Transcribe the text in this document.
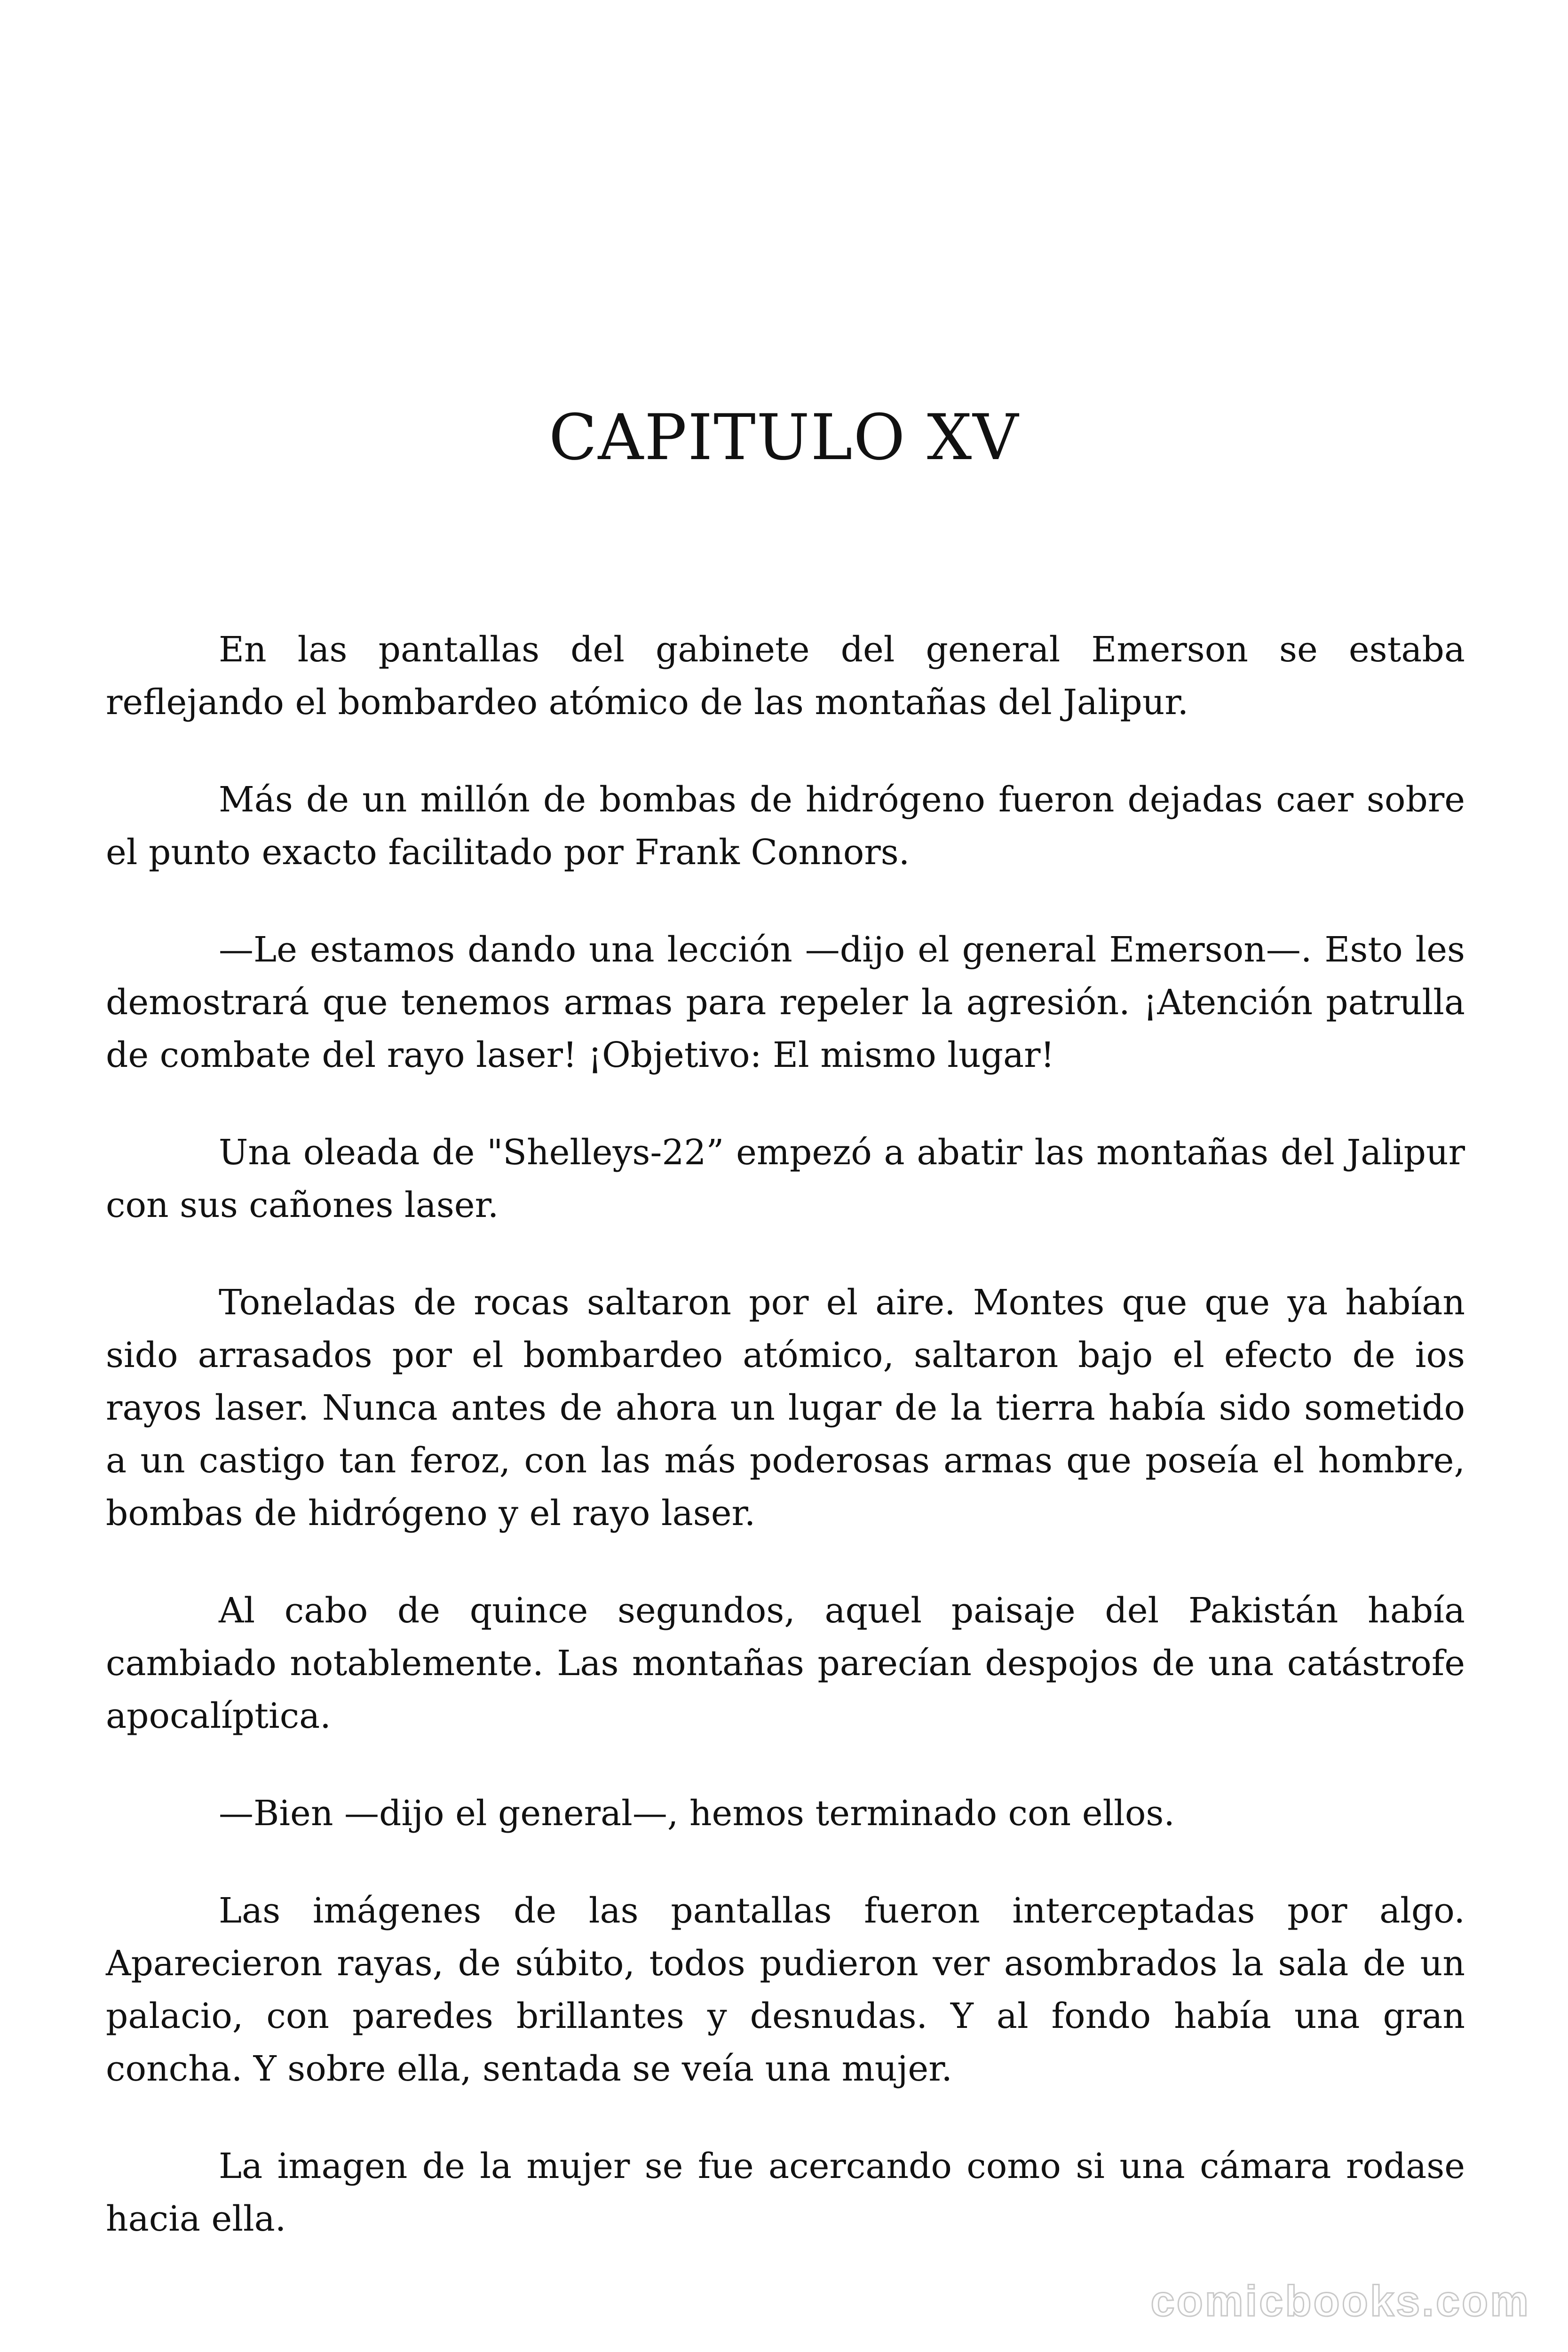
CAPITULO XV

En las pantallas del gabinete del general Emerson se estaba reflejando el bombardeo atómico de las montañas del Jalipur.

Más de un millón de bombas de hidrógeno fueron dejadas caer sobre el punto exacto facilitado por Frank Connors.

—Le estamos dando una lección —dijo el general Emerson—. Esto les demostrará que tenemos armas para repeler la agresión. ¡Atención patrulla de combate del rayo laser! ¡Objetivo: El mismo lugar!

Una oleada de "Shelleys-22” empezó a abatir las montañas del Jalipur con sus cañones laser.

Toneladas de rocas saltaron por el aire. Montes que que ya habían sido arrasados por el bombardeo atómico, saltaron bajo el efecto de ios rayos laser. Nunca antes de ahora un lugar de la tierra había sido sometido a un castigo tan feroz, con las más poderosas armas que poseía el hombre, bombas de hidrógeno y el rayo laser.

Al cabo de quince segundos, aquel paisaje del Pakistán había cambiado notablemente. Las montañas parecían despojos de una catástrofe apocalíptica.

—Bien —dijo el general—, hemos terminado con ellos.

Las imágenes de las pantallas fueron interceptadas por algo. Aparecieron rayas, de súbito, todos pudieron ver asombrados la sala de un palacio, con paredes brillantes y desnudas. Y al fondo había una gran concha. Y sobre ella, sentada se veía una mujer.

La imagen de la mujer se fue acercando como si una cámara rodase hacia ella.

comicbooks.com
